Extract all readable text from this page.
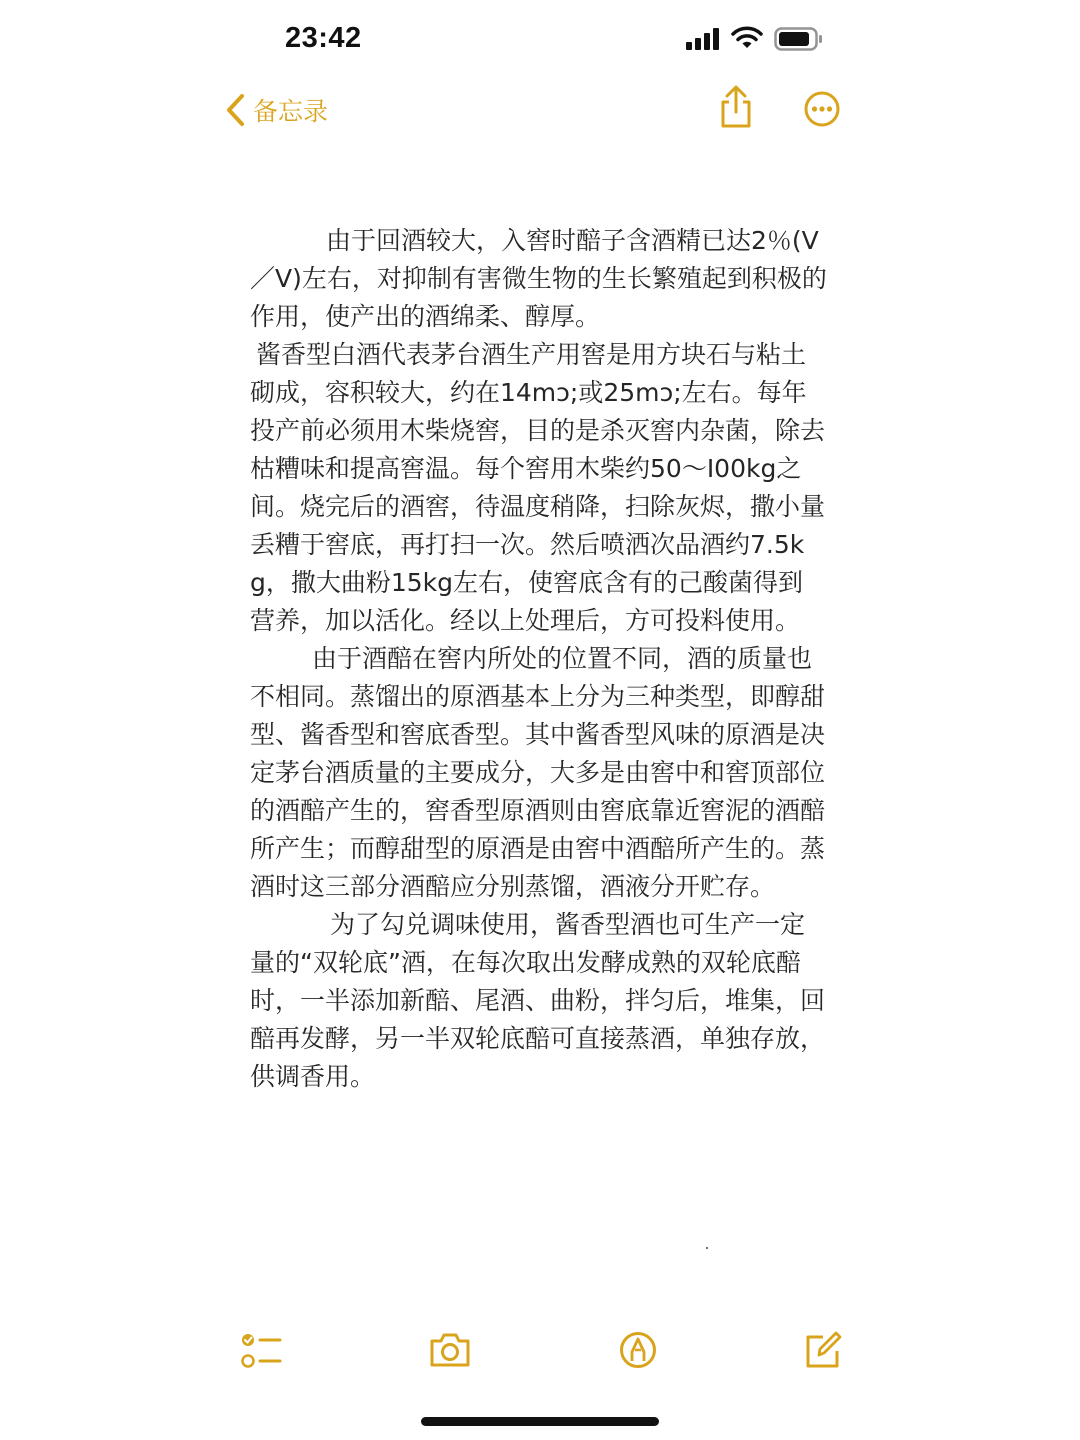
23:42
备忘录

由于回酒较大，入窖时醅子含酒精已达2％(V／V)左右，对抑制有害微生物的生长繁殖起到积极的作用，使产出的酒绵柔、醇厚。

酱香型白酒代表茅台酒生产用窖是用方块石与粘土砌成，容积较大，约在14mↄ;或25mↄ;左右。每年投产前必须用木柴烧窖，目的是杀灭窖内杂菌，除去枯糟味和提高窖温。每个窖用木柴约50～I00kg之间。烧完后的酒窖，待温度稍降，扫除灰烬，撒小量丢糟于窖底，再打扫一次。然后喷洒次品酒约7.5kg，撒大曲粉15kg左右，使窖底含有的己酸菌得到营养，加以活化。经以上处理后，方可投料使用。

由于酒醅在窖内所处的位置不同，酒的质量也不相同。蒸馏出的原酒基本上分为三种类型，即醇甜型、酱香型和窖底香型。其中酱香型风味的原酒是决定茅台酒质量的主要成分，大多是由窖中和窖顶部位的酒醅产生的，窖香型原酒则由窖底靠近窖泥的酒醅所产生；而醇甜型的原酒是由窖中酒醅所产生的。蒸酒时这三部分酒醅应分别蒸馏，酒液分开贮存。

为了勾兑调味使用，酱香型酒也可生产一定量的“双轮底”酒，在每次取出发酵成熟的双轮底醅时，一半添加新醅、尾酒、曲粉，拌匀后，堆集，回醅再发酵，另一半双轮底醅可直接蒸酒，单独存放，供调香用。
